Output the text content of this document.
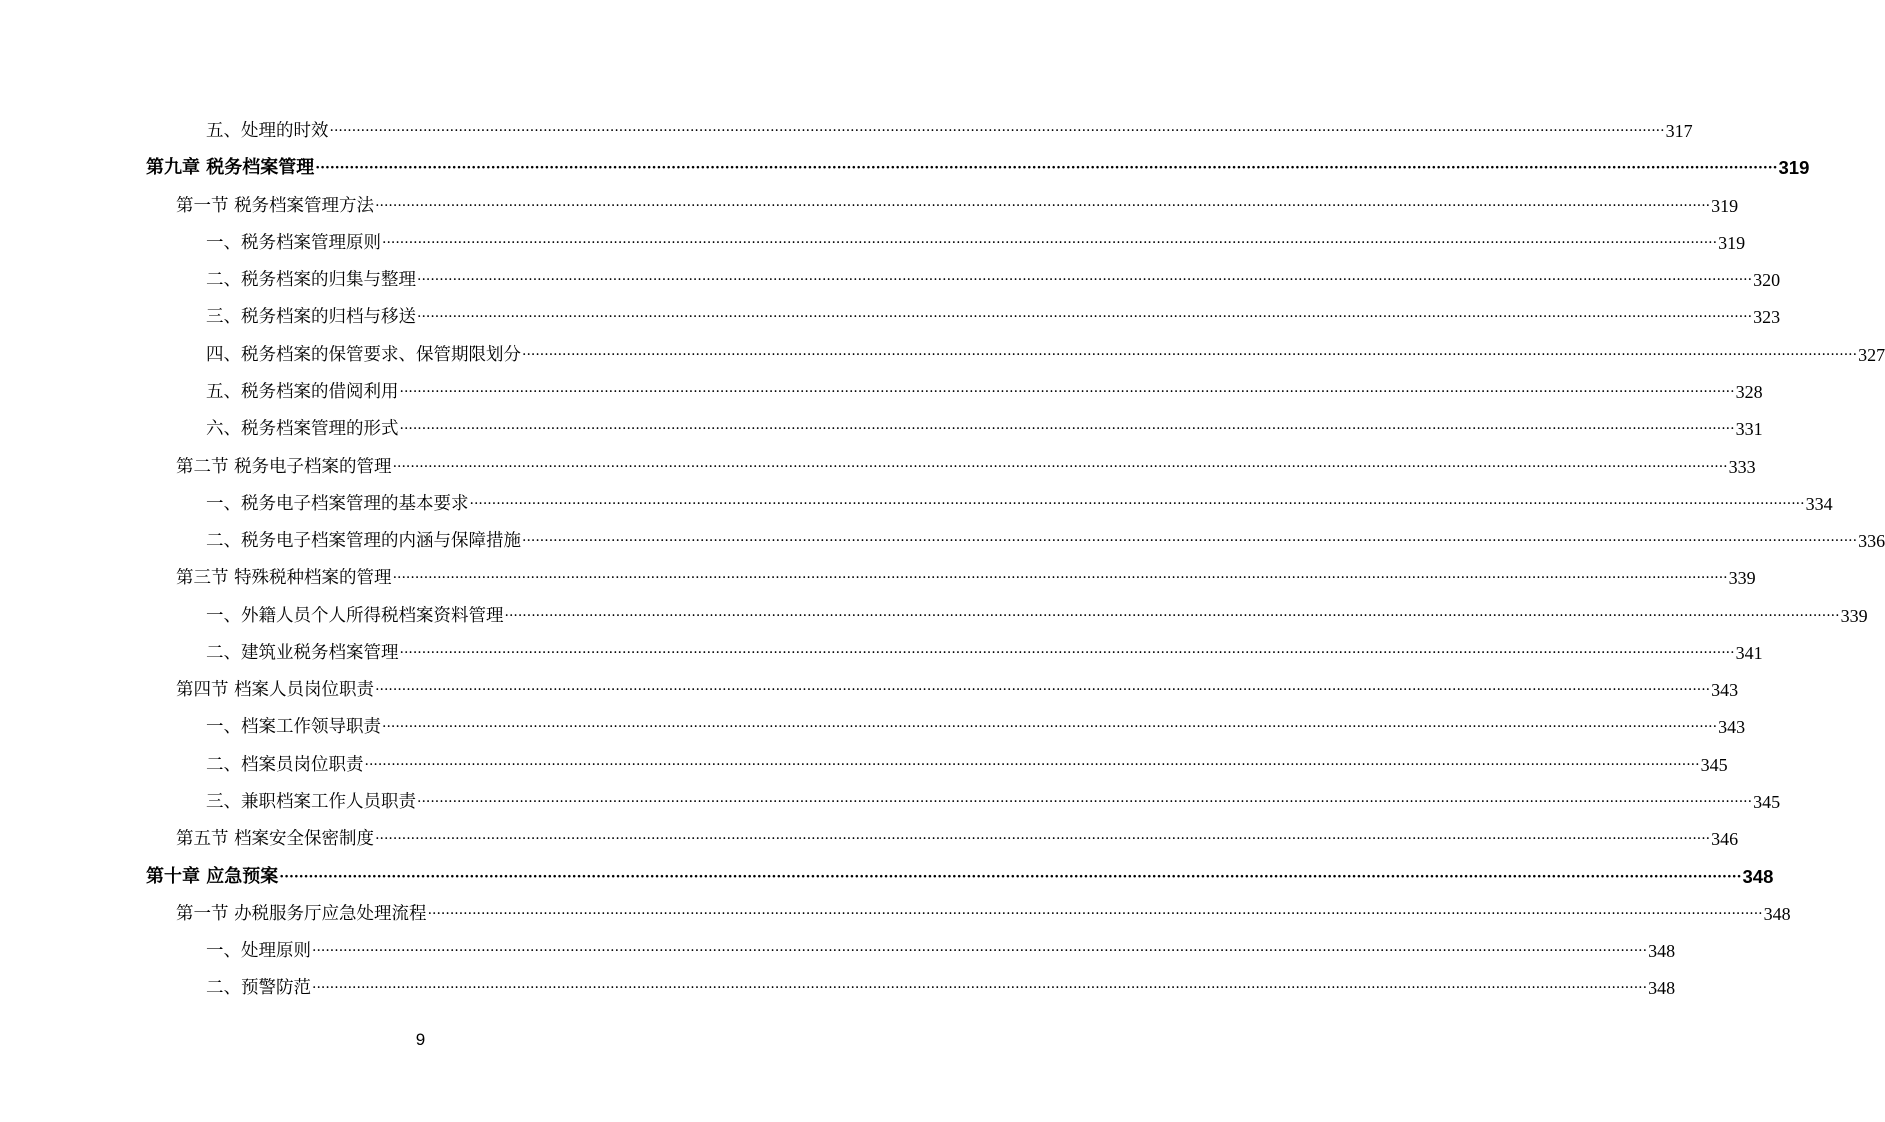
五、处理的时效 ············································································································································································································································································································ 317
第九章 税务档案管理 ············································································································································································································································································································ 319
第一节 税务档案管理方法 ············································································································································································································································································································ 319
一、税务档案管理原则 ············································································································································································································································································································ 319
二、税务档案的归集与整理 ············································································································································································································································································································ 320
三、税务档案的归档与移送 ············································································································································································································································································································ 323
四、税务档案的保管要求、保管期限划分 ············································································································································································································································································································ 327
五、税务档案的借阅利用 ············································································································································································································································································································ 328
六、税务档案管理的形式 ············································································································································································································································································································ 331
第二节 税务电子档案的管理 ············································································································································································································································································································ 333
一、税务电子档案管理的基本要求 ············································································································································································································································································································ 334
二、税务电子档案管理的内涵与保障措施 ············································································································································································································································································································ 336
第三节 特殊税种档案的管理 ············································································································································································································································································································ 339
一、外籍人员个人所得税档案资料管理 ············································································································································································································································································································ 339
二、建筑业税务档案管理 ············································································································································································································································································································ 341
第四节 档案人员岗位职责 ············································································································································································································································································································ 343
一、档案工作领导职责 ············································································································································································································································································································ 343
二、档案员岗位职责 ············································································································································································································································································································ 345
三、兼职档案工作人员职责 ············································································································································································································································································································ 345
第五节 档案安全保密制度 ············································································································································································································································································································ 346
第十章 应急预案 ············································································································································································································································································································ 348
第一节 办税服务厅应急处理流程 ············································································································································································································································································································ 348
一、处理原则 ············································································································································································································································································································ 348
二、预警防范 ············································································································································································································································································································ 348
9
